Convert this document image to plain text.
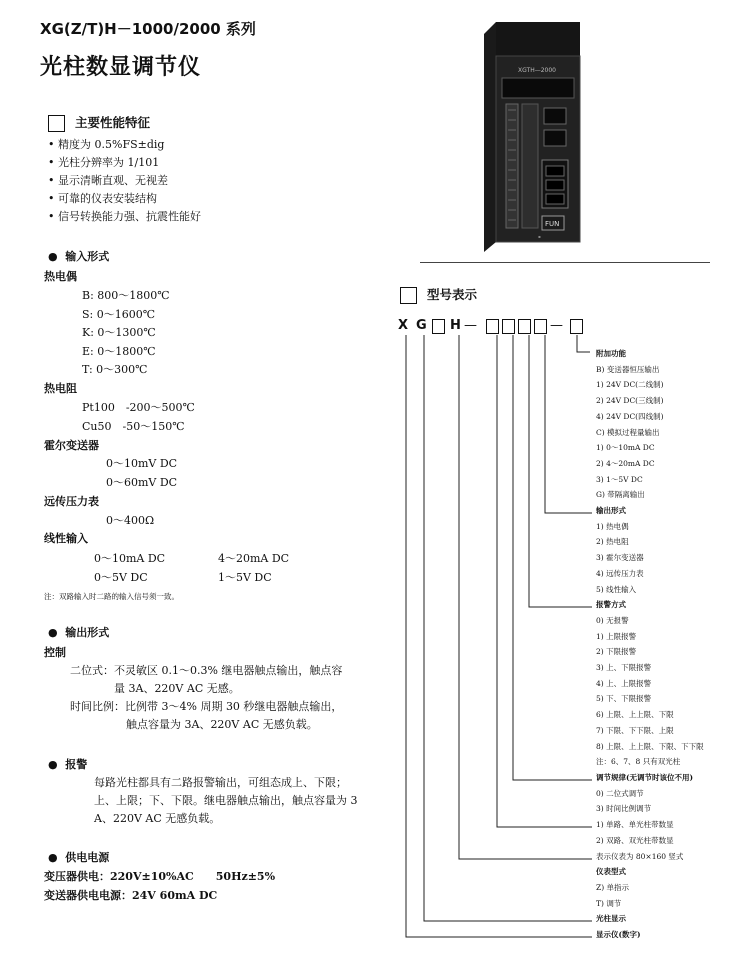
XG(Z/T)H－1000/2000 系列
光柱数显调节仪	XGTH—2000
FUN
▪
主要性能特征
• 精度为 0.5%FS±dig
• 光柱分辨率为 1/101
• 显示清晰直观、无视差
• 可靠的仪表安装结构
• 信号转换能力强、抗震性能好
●  输入形式
热电偶
B: 800～1800℃
S: 0～1600℃
K: 0～1300℃
E: 0～1800℃
T: 0～300℃
热电阻
Pt100　-200～500℃
Cu50　-50～150℃
霍尔变送器
0～10mV DC
0～60mV DC
远传压力表
0～400Ω
线性输入
0～10mA DC	4～20mA DC
0～5V DC	1～5V DC
注：双路输入时二路的输入信号须一致。
●  输出形式
控制
二位式：不灵敏区 0.1～0.3% 继电器触点输出，触点容
量 3A、220V AC 无感。
时间比例：比例带 3～4% 周期 30 秒继电器触点输出，
触点容量为 3A、220V AC 无感负载。
●  报警
每路光柱都具有二路报警输出，可组态成上、下限；
上、上限；下、下限。继电器触点输出，触点容量为 3
A、220V AC 无感负载。
●  供电电源
变压器供电：220V±10%AC　　50Hz±5%
变送器供电电源：24V 60mA DC
型号表示
X G H —	—
附加功能
B) 变送器恒压输出
1) 24V DC(二线制)
2) 24V DC(三线制)
4) 24V DC(四线制)
C) 模拟过程量输出
1) 0～10mA DC
2) 4～20mA DC
3) 1～5V DC
G) 带隔离输出
输出形式
1) 热电偶
2) 热电阻
3) 霍尔变送器
4) 远传压力表
5) 线性输入
报警方式
0) 无报警
1) 上限报警
2) 下限报警
3) 上、下限报警
4) 上、上限报警
5) 下、下限报警
6) 上限、上上限、下限
7) 下限、下下限、上限
8) 上限、上上限、下限、下下限
注：6、7、8 只有双光柱
调节规律(无调节时该位不用)
0) 二位式调节
3) 时间比例调节
1) 单路、单光柱带数显
2) 双路、双光柱带数显
表示仪表为 80×160 竖式
仪表型式
Z) 单指示
T) 调节
光柱显示
显示仪(数字)
